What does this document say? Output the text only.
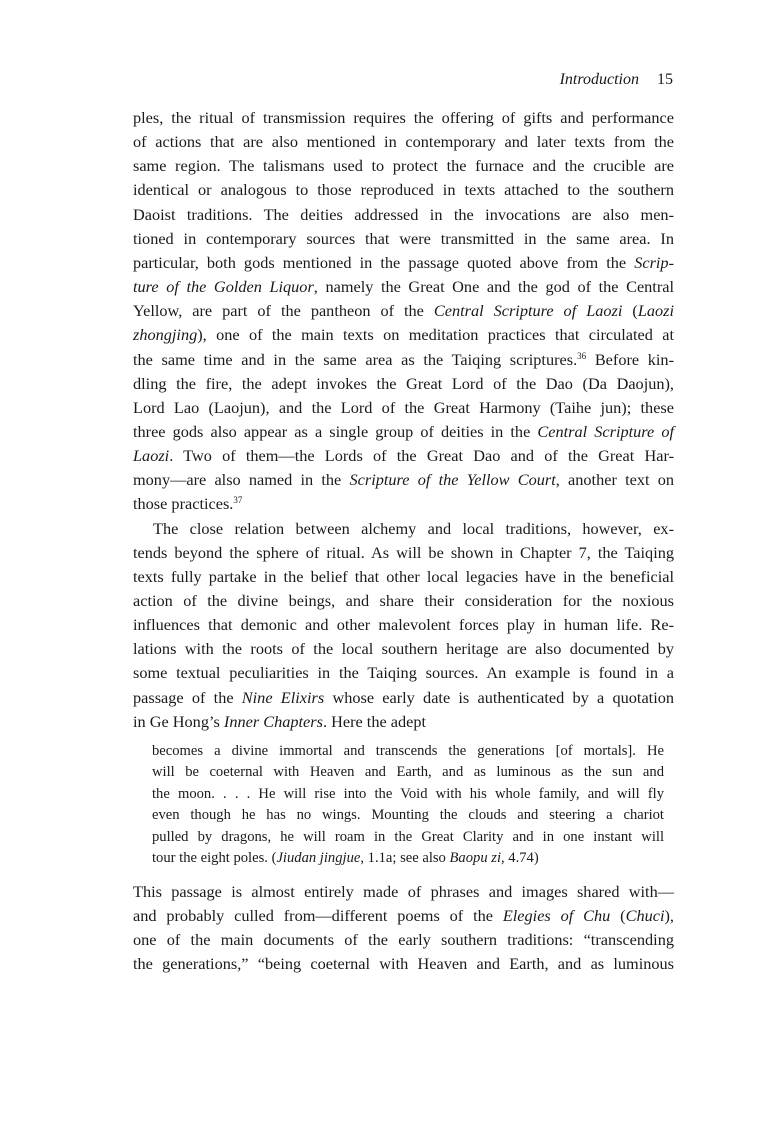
Introduction 15
ples, the ritual of transmission requires the offering of gifts and performance
of actions that are also mentioned in contemporary and later texts from the
same region. The talismans used to protect the furnace and the crucible are
identical or analogous to those reproduced in texts attached to the southern
Daoist traditions. The deities addressed in the invocations are also men-
tioned in contemporary sources that were transmitted in the same area. In
particular, both gods mentioned in the passage quoted above from the Scrip-
ture of the Golden Liquor, namely the Great One and the god of the Central
Yellow, are part of the pantheon of the Central Scripture of Laozi (Laozi
zhongjing), one of the main texts on meditation practices that circulated at
the same time and in the same area as the Taiqing scriptures.$^{36}$ Before kin-
dling the fire, the adept invokes the Great Lord of the Dao (Da Daojun),
Lord Lao (Laojun), and the Lord of the Great Harmony (Taihe jun); these
three gods also appear as a single group of deities in the Central Scripture of
Laozi. Two of them—the Lords of the Great Dao and of the Great Har-
mony—are also named in the Scripture of the Yellow Court, another text on
those practices.$^{37}$
The close relation between alchemy and local traditions, however, ex-
tends beyond the sphere of ritual. As will be shown in Chapter 7, the Taiqing
texts fully partake in the belief that other local legacies have in the beneficial
action of the divine beings, and share their consideration for the noxious
influences that demonic and other malevolent forces play in human life. Re-
lations with the roots of the local southern heritage are also documented by
some textual peculiarities in the Taiqing sources. An example is found in a
passage of the Nine Elixirs whose early date is authenticated by a quotation
in Ge Hong’s Inner Chapters. Here the adept
becomes a divine immortal and transcends the generations [of mortals]. He
will be coeternal with Heaven and Earth, and as luminous as the sun and
the moon. . . . He will rise into the Void with his whole family, and will fly
even though he has no wings. Mounting the clouds and steering a chariot
pulled by dragons, he will roam in the Great Clarity and in one instant will
tour the eight poles. (Jiudan jingjue, 1.1a; see also Baopu zi, 4.74)
This passage is almost entirely made of phrases and images shared with—
and probably culled from—different poems of the Elegies of Chu (Chuci),
one of the main documents of the early southern traditions: “transcending
the generations,” “being coeternal with Heaven and Earth, and as luminous
